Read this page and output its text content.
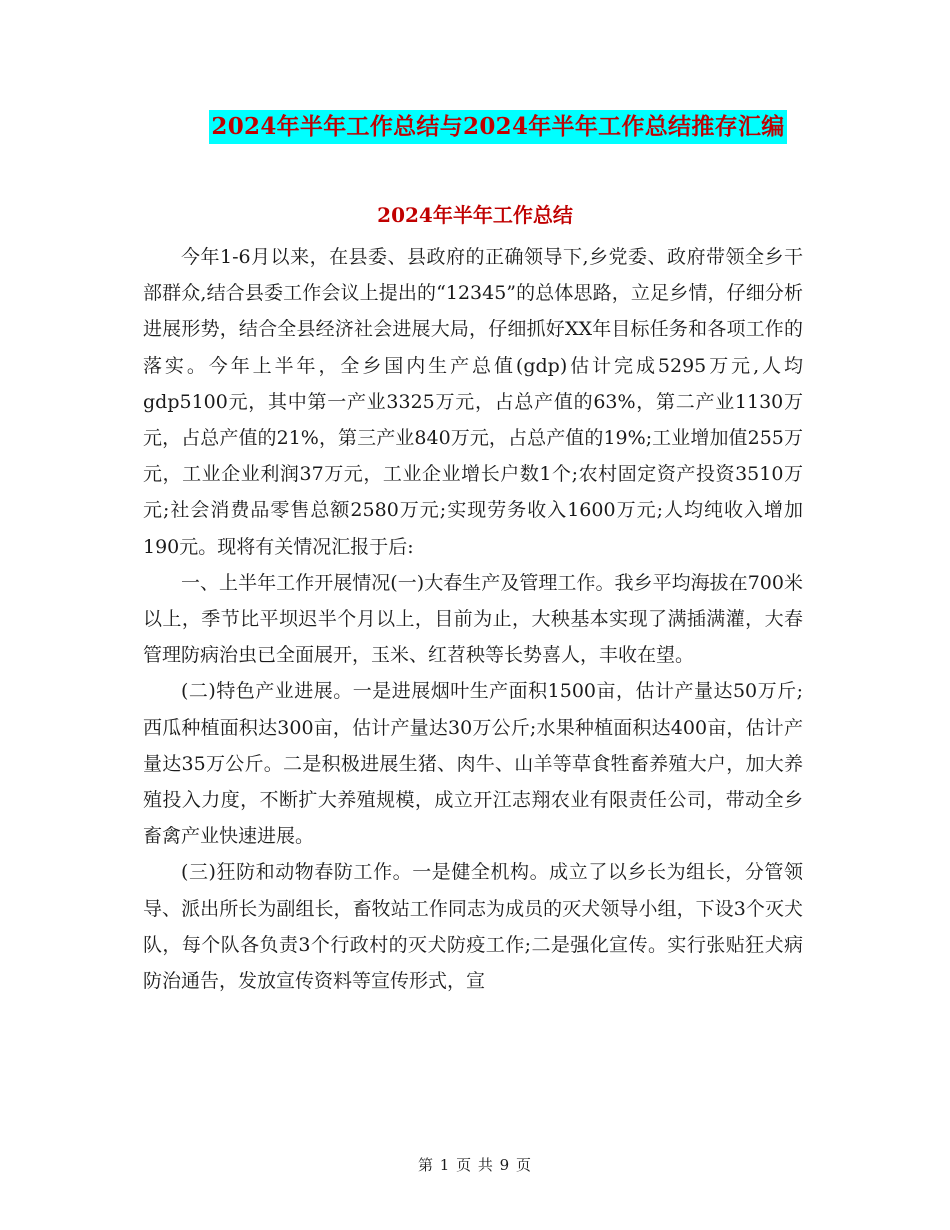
2024年半年工作总结与2024年半年工作总结推存汇编
2024年半年工作总结

今年1-6月以来，在县委、县政府的正确领导下,乡党委、政府带领全乡干部群众,结合县委工作会议上提出的“12345”的总体思路，立足乡情，仔细分析进展形势，结合全县经济社会进展大局，仔细抓好XX年目标任务和各项工作的落实。今年上半年，全乡国内生产总值(gdp)估计完成5295万元,人均gdp5100元，其中第一产业3325万元，占总产值的63%，第二产业1130万元，占总产值的21%，第三产业840万元，占总产值的19%;工业增加值255万元，工业企业利润37万元，工业企业增长户数1个;农村固定资产投资3510万元;社会消费品零售总额2580万元;实现劳务收入1600万元;人均纯收入增加190元。现将有关情况汇报于后:

一、上半年工作开展情况(一)大春生产及管理工作。我乡平均海拔在700米以上，季节比平坝迟半个月以上，目前为止，大秧基本实现了满插满灌，大春管理防病治虫已全面展开，玉米、红苕秧等长势喜人，丰收在望。

(二)特色产业进展。一是进展烟叶生产面积1500亩，估计产量达50万斤;西瓜种植面积达300亩，估计产量达30万公斤;水果种植面积达400亩，估计产量达35万公斤。二是积极进展生猪、肉牛、山羊等草食牲畜养殖大户，加大养殖投入力度，不断扩大养殖规模，成立开江志翔农业有限责任公司，带动全乡畜禽产业快速进展。

(三)狂防和动物春防工作。一是健全机构。成立了以乡长为组长，分管领导、派出所长为副组长，畜牧站工作同志为成员的灭犬领导小组，下设3个灭犬队，每个队各负责3个行政村的灭犬防疫工作;二是强化宣传。实行张贴狂犬病防治通告，发放宣传资料等宣传形式，宣

第 1 页 共 9 页
